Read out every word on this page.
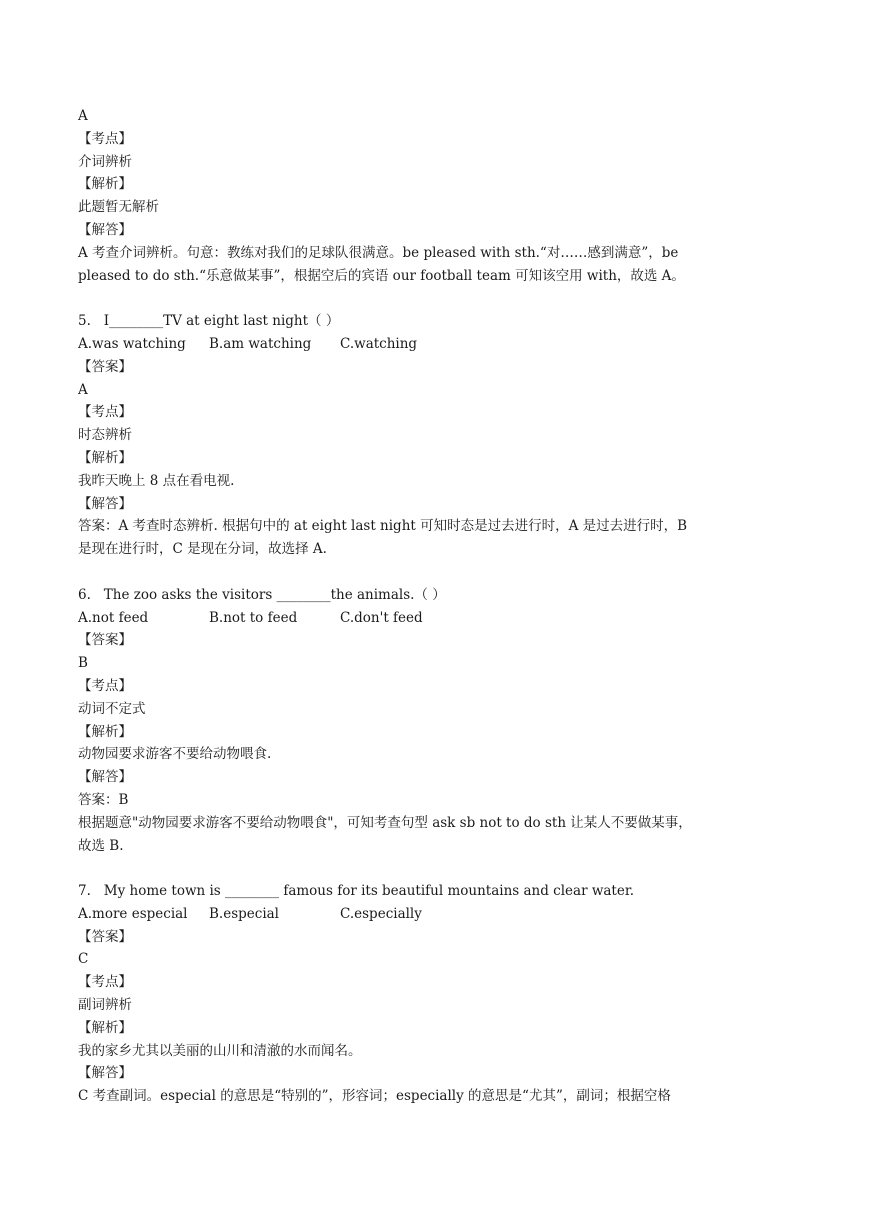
A
【考点】
介词辨析
【解析】
此题暂无解析
【解答】
A 考查介词辨析。句意：教练对我们的足球队很满意。be pleased with sth.“对……感到满意”，be
pleased to do sth.“乐意做某事”，根据空后的宾语 our football team 可知该空用 with，故选 A。
5.   I________TV at eight last night（ ）
A.was watching B.am watching C.watching
【答案】
A
【考点】
时态辨析
【解析】
我昨天晚上 8 点在看电视.
【解答】
答案：A 考查时态辨析. 根据句中的 at eight last night 可知时态是过去进行时，A 是过去进行时，B
是现在进行时，C 是现在分词，故选择 A.
6.   The zoo asks the visitors ________the animals.（ ）
A.not feed	B.not to feed	C.don't feed
【答案】
B
【考点】
动词不定式
【解析】
动物园要求游客不要给动物喂食.
【解答】
答案：B
根据题意"动物园要求游客不要给动物喂食"，可知考查句型 ask sb not to do sth 让某人不要做某事，
故选 B.
7.   My home town is ________ famous for its beautiful mountains and clear water.
A.more especial B.especial	C.especially
【答案】
C
【考点】
副词辨析
【解析】
我的家乡尤其以美丽的山川和清澈的水而闻名。
【解答】
C 考查副词。especial 的意思是“特别的”，形容词；especially 的意思是“尤其”，副词；根据空格
